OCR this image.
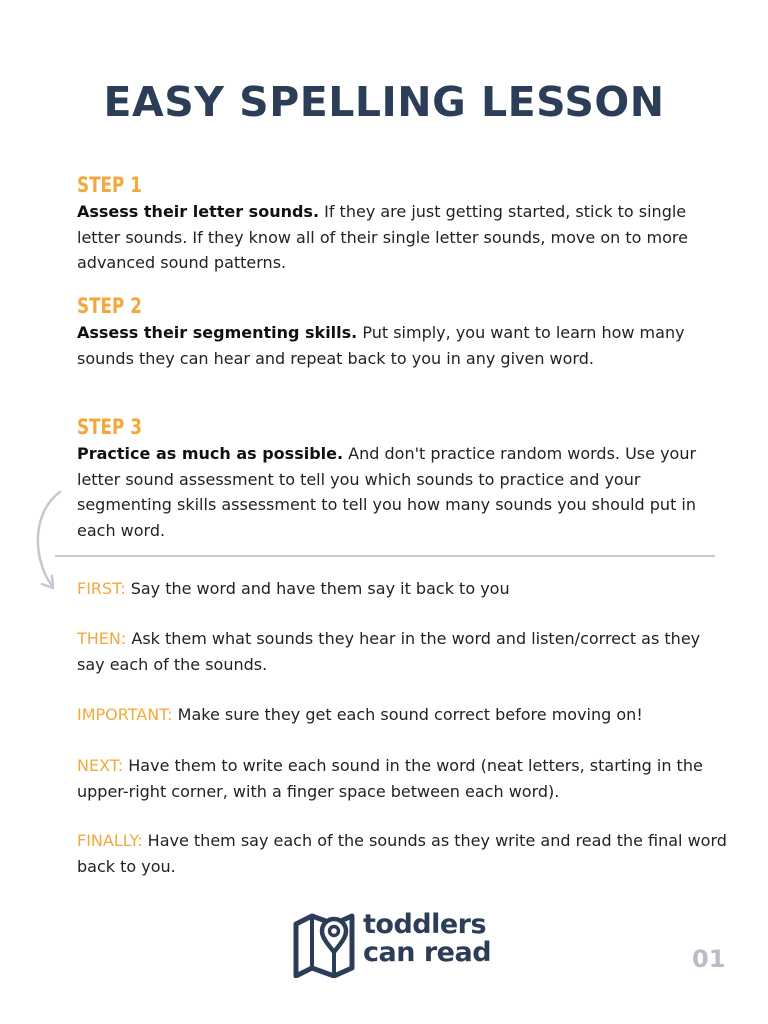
EASY SPELLING LESSON
STEP 1

Assess their letter sounds. If they are just getting started, stick to single letter sounds. If they know all of their single letter sounds, move on to more advanced sound patterns.

STEP 2

Assess their segmenting skills. Put simply, you want to learn how many sounds they can hear and repeat back to you in any given word.

STEP 3

Practice as much as possible. And don't practice random words. Use your letter sound assessment to tell you which sounds to practice and your segmenting skills assessment to tell you how many sounds you should put in each word.

FIRST: Say the word and have them say it back to you

THEN: Ask them what sounds they hear in the word and listen/correct as they say each of the sounds.

IMPORTANT: Make sure they get each sound correct before moving on!

NEXT: Have them to write each sound in the word (neat letters, starting in the upper-right corner, with a finger space between each word).

FINALLY: Have them say each of the sounds as they write and read the final word back to you.

toddlers
can read	01
